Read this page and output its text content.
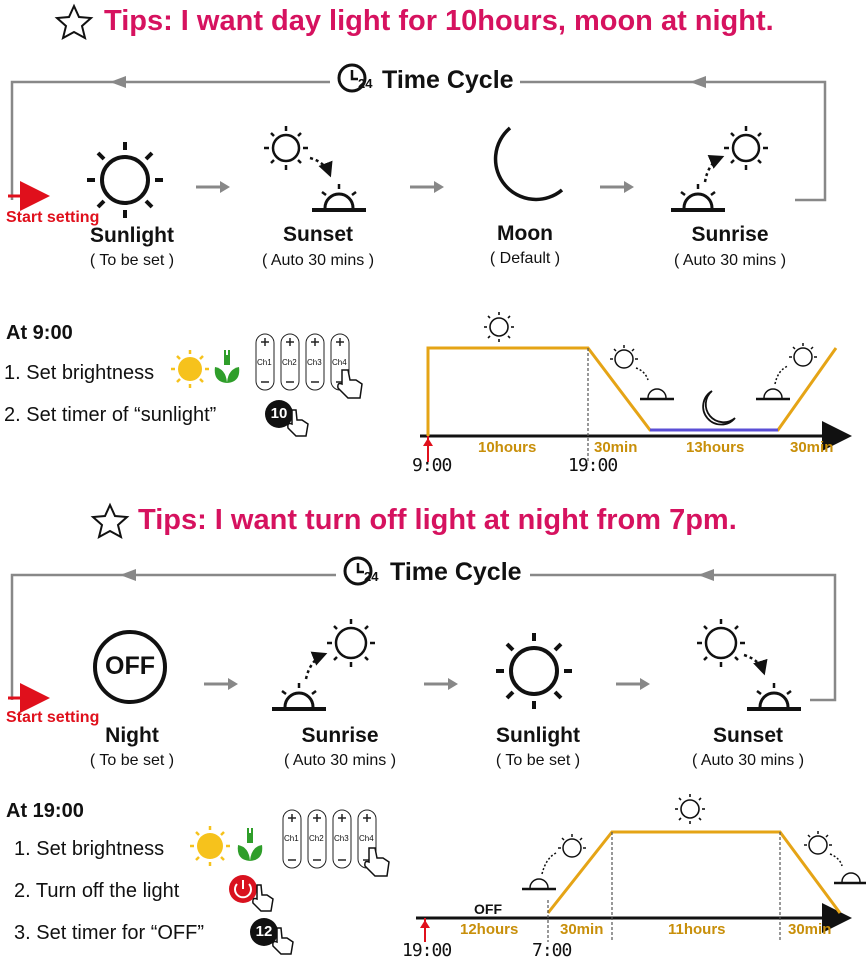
Tips: I want day light for 10hours, moon at night.
Time Cycle
24
Start setting
Sunlight
( To be set )
Sunset
( Auto 30 mins )
Moon
( Default )
Sunrise
( Auto 30 mins )
At 9:00
1. Set brightness
2. Set timer of “sunlight”	10
Ch1 Ch2 Ch3 Ch4
10hours	30min	13hours	30min
9:00	19:00
Tips: I want turn off light at night from 7pm.
Time Cycle
24
Start setting
OFF
Night
( To be set )
Sunrise
( Auto 30 mins )
Sunlight
( To be set )
Sunset
( Auto 30 mins )
At 19:00
1. Set brightness
2. Turn off the light
3. Set timer for “OFF”	12
Ch1 Ch2 Ch3 Ch4
OFF
12hours	30min	11hours	30min
19:00	7:00
